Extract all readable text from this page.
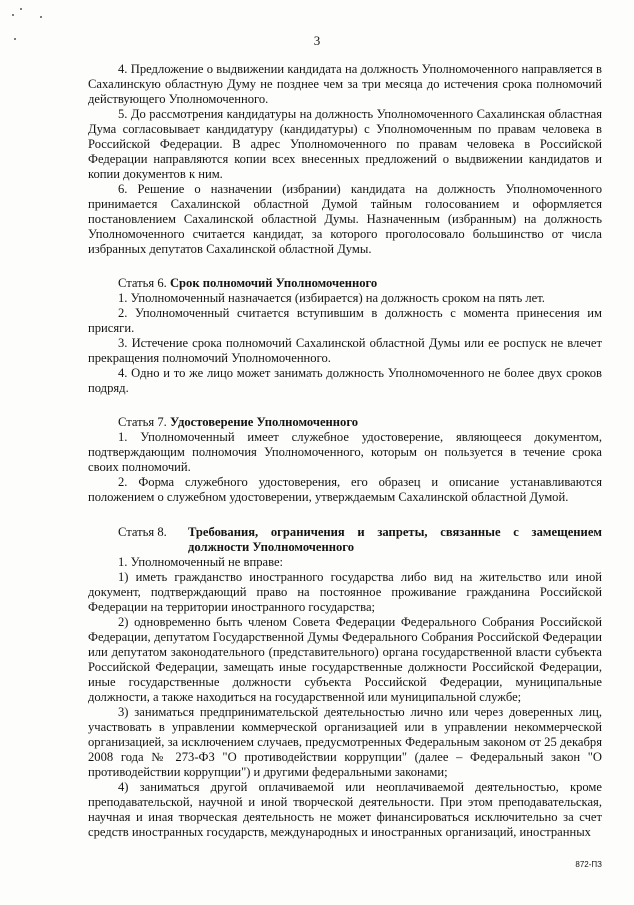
3

4. Предложение о выдвижении кандидата на должность Уполномоченного направляется в Сахалинскую областную Думу не позднее чем за три месяца до истечения срока полномочий действующего Уполномоченного.

5. До рассмотрения кандидатуры на должность Уполномоченного Сахалинская областная Дума согласовывает кандидатуру (кандидатуры) с Уполномоченным по правам человека в Российской Федерации. В адрес Уполномоченного по правам человека в Российской Федерации направляются копии всех внесенных предложений о выдвижении кандидатов и копии документов к ним.

6. Решение о назначении (избрании) кандидата на должность Уполномоченного принимается Сахалинской областной Думой тайным голосованием и оформляется постановлением Сахалинской областной Думы. Назначенным (избранным) на должность Уполномоченного считается кандидат, за которого проголосовало большинство от числа избранных депутатов Сахалинской областной Думы.

Статья 6. Срок полномочий Уполномоченного

1. Уполномоченный назначается (избирается) на должность сроком на пять лет.

2. Уполномоченный считается вступившим в должность с момента принесения им присяги.

3. Истечение срока полномочий Сахалинской областной Думы или ее роспуск не влечет прекращения полномочий Уполномоченного.

4. Одно и то же лицо может занимать должность Уполномоченного не более двух сроков подряд.

Статья 7. Удостоверение Уполномоченного

1. Уполномоченный имеет служебное удостоверение, являющееся документом, подтверждающим полномочия Уполномоченного, которым он пользуется в течение срока своих полномочий.

2. Форма служебного удостоверения, его образец и описание устанавливаются положением о служебном удостоверении, утверждаемым Сахалинской областной Думой.

Статья 8.	Требования, ограничения и запреты, связанные с замещением должности Уполномоченного

1. Уполномоченный не вправе:

1) иметь гражданство иностранного государства либо вид на жительство или иной документ, подтверждающий право на постоянное проживание гражданина Российской Федерации на территории иностранного государства;

2) одновременно быть членом Совета Федерации Федерального Собрания Российской Федерации, депутатом Государственной Думы Федерального Собрания Российской Федерации или депутатом законодательного (представительного) органа государственной власти субъекта Российской Федерации, замещать иные государственные должности Российской Федерации, иные государственные должности субъекта Российской Федерации, муниципальные должности, а также находиться на государственной или муниципальной службе;

3) заниматься предпринимательской деятельностью лично или через доверенных лиц, участвовать в управлении коммерческой организацией или в управлении некоммерческой организацией, за исключением случаев, предусмотренных Федеральным законом от 25 декабря 2008 года № 273-ФЗ "О противодействии коррупции" (далее – Федеральный закон "О противодействии коррупции") и другими федеральными законами;

4) заниматься другой оплачиваемой или неоплачиваемой деятельностью, кроме преподавательской, научной и иной творческой деятельности. При этом преподавательская, научная и иная творческая деятельность не может финансироваться исключительно за счет средств иностранных государств, международных и иностранных организаций, иностранных

872-ПЗ
